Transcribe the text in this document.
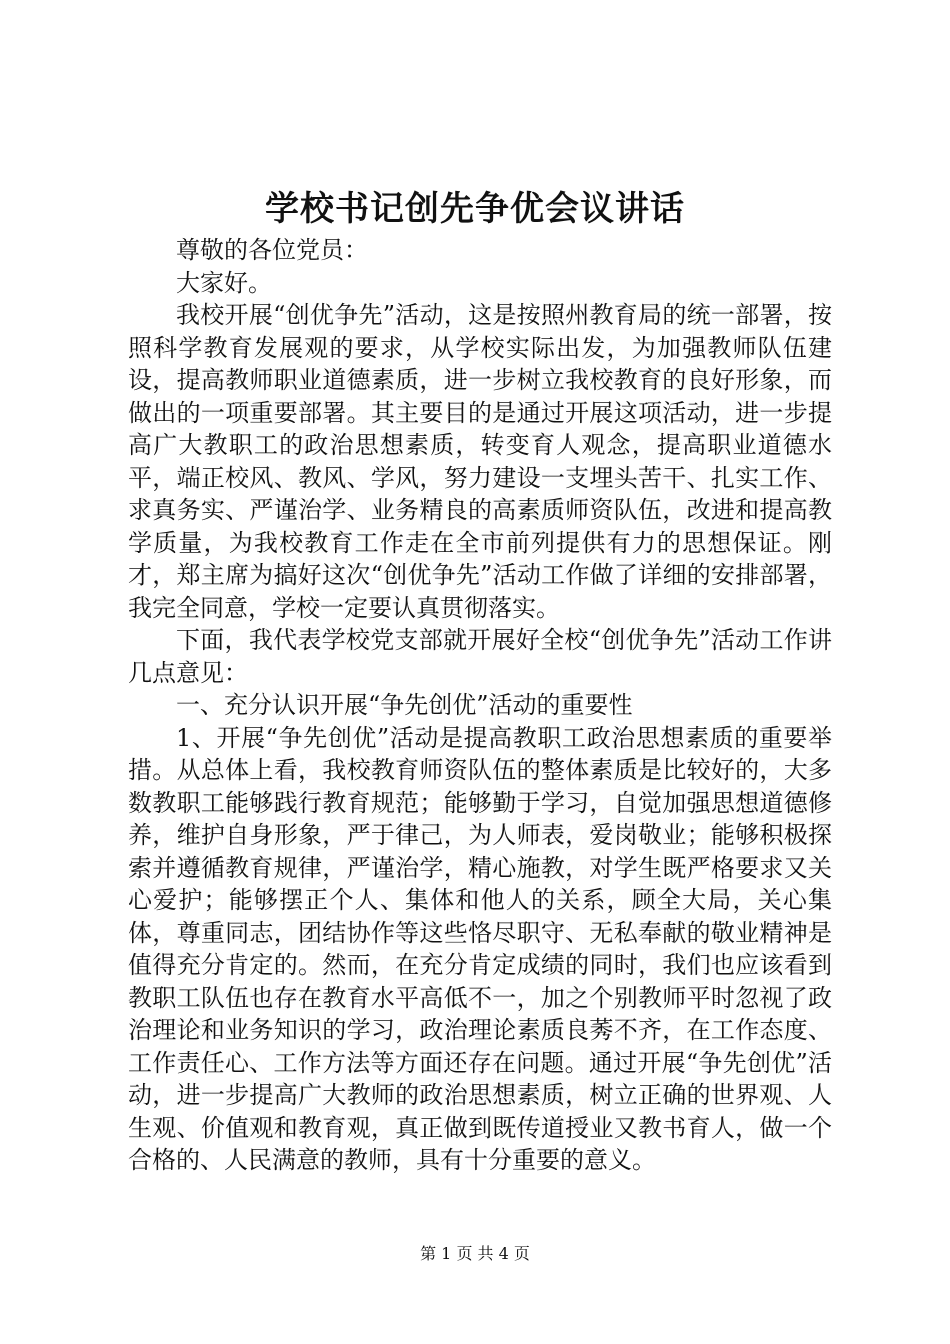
学校书记创先争优会议讲话

尊敬的各位党员：

大家好。

我校开展“创优争先”活动，这是按照州教育局的统一部署，按照科学教育发展观的要求，从学校实际出发，为加强教师队伍建设，提高教师职业道德素质，进一步树立我校教育的良好形象，而做出的一项重要部署。其主要目的是通过开展这项活动，进一步提高广大教职工的政治思想素质，转变育人观念，提高职业道德水平，端正校风、教风、学风，努力建设一支埋头苦干、扎实工作、求真务实、严谨治学、业务精良的高素质师资队伍，改进和提高教学质量，为我校教育工作走在全市前列提供有力的思想保证。刚才，郑主席为搞好这次“创优争先”活动工作做了详细的安排部署，我完全同意，学校一定要认真贯彻落实。

下面，我代表学校党支部就开展好全校“创优争先”活动工作讲几点意见：

一、充分认识开展“争先创优”活动的重要性

1、开展“争先创优”活动是提高教职工政治思想素质的重要举措。从总体上看，我校教育师资队伍的整体素质是比较好的，大多数教职工能够践行教育规范；能够勤于学习，自觉加强思想道德修养，维护自身形象，严于律己，为人师表，爱岗敬业；能够积极探索并遵循教育规律，严谨治学，精心施教，对学生既严格要求又关心爱护；能够摆正个人、集体和他人的关系，顾全大局，关心集体，尊重同志，团结协作等这些恪尽职守、无私奉献的敬业精神是值得充分肯定的。然而，在充分肯定成绩的同时，我们也应该看到教职工队伍也存在教育水平高低不一，加之个别教师平时忽视了政治理论和业务知识的学习，政治理论素质良莠不齐，在工作态度、工作责任心、工作方法等方面还存在问题。通过开展“争先创优”活动，进一步提高广大教师的政治思想素质，树立正确的世界观、人生观、价值观和教育观，真正做到既传道授业又教书育人，做一个合格的、人民满意的教师，具有十分重要的意义。

第 1 页 共 4 页
